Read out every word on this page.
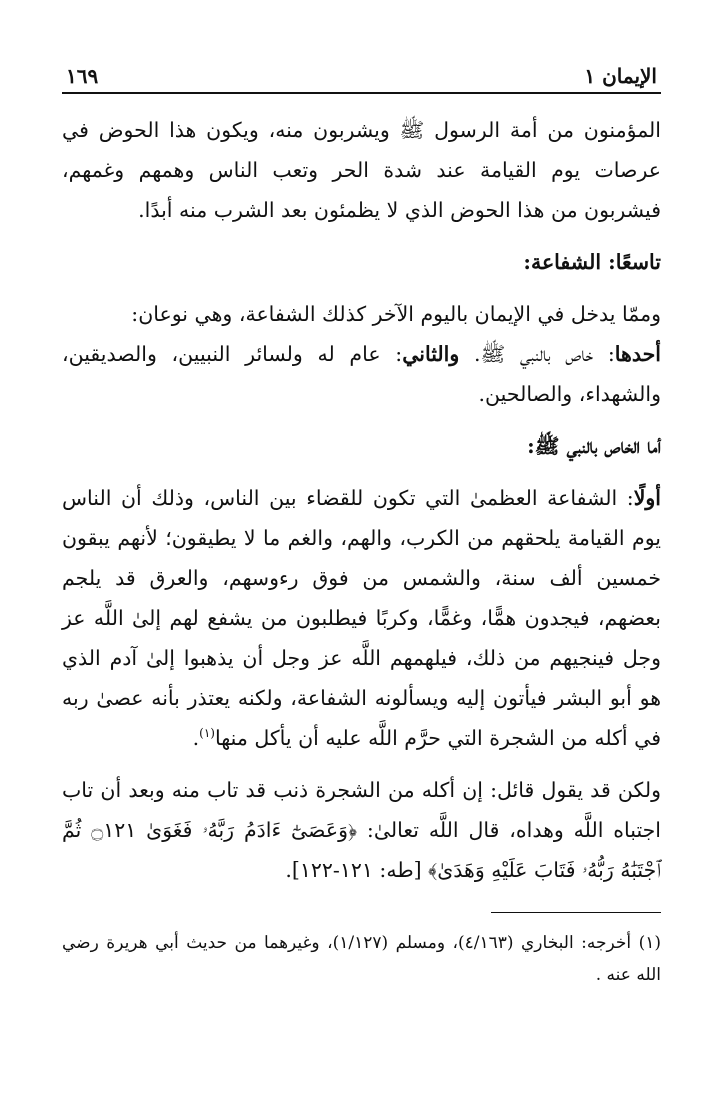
الإيمان ١
١٦٩

المؤمنون من أمة الرسول ﷺ ويشربون منه، ويكون هذا الحوض في عرصات يوم القيامة عند شدة الحر وتعب الناس وهمهم وغمهم، فيشربون من هذا الحوض الذي لا يظمئون بعد الشرب منه أبدًا.

تاسعًا: الشفاعة:

وممّا يدخل في الإيمان باليوم الآخر كذلك الشفاعة، وهي نوعان:

أحدها: خاص بالنبي ﷺ. والثاني: عام له ولسائر النبيين، والصديقين، والشهداء، والصالحين.

أما الخاص بالنبي ﷺ:

أولًا: الشفاعة العظمىٰ التي تكون للقضاء بين الناس، وذلك أن الناس يوم القيامة يلحقهم من الكرب، والهم، والغم ما لا يطيقون؛ لأنهم يبقون خمسين ألف سنة، والشمس من فوق رءوسهم، والعرق قد يلجم بعضهم، فيجدون همًّا، وغمًّا، وكربًا فيطلبون من يشفع لهم إلىٰ اللَّه عز وجل فينجيهم من ذلك، فيلهمهم اللَّه عز وجل أن يذهبوا إلىٰ آدم الذي هو أبو البشر فيأتون إليه ويسألونه الشفاعة، ولكنه يعتذر بأنه عصىٰ ربه في أكله من الشجرة التي حرَّم اللَّه عليه أن يأكل منها$^{(١)}$.

ولكن قد يقول قائل: إن أكله من الشجرة ذنب قد تاب منه وبعد أن تاب اجتباه اللَّه وهداه، قال اللَّه تعالىٰ: ﴿وَعَصَىٰٓ ءَادَمُ رَبَّهُۥ فَغَوَىٰ ۝١٢١ ثُمَّ ٱجْتَبَٰهُ رَبُّهُۥ فَتَابَ عَلَيْهِ وَهَدَىٰ﴾ [طه: ١٢١-١٢٢].

(١) أخرجه: البخاري (٤/١٦٣)، ومسلم (١/١٢٧)، وغيرهما من حديث أبي هريرة رضي الله عنه .
